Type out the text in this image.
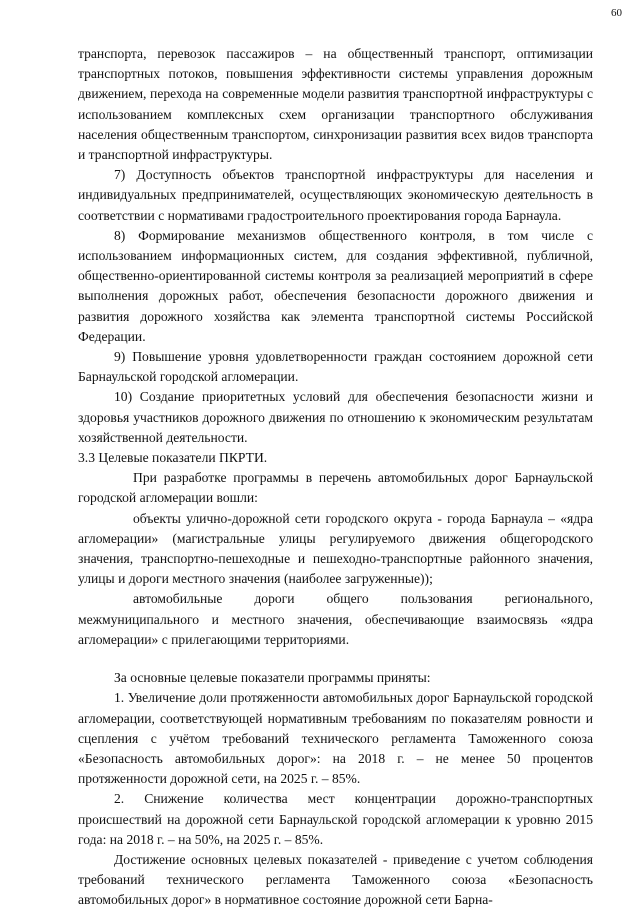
60

транспорта, перевозок пассажиров – на общественный транспорт, оптимизации транспортных потоков, повышения эффективности системы управления дорожным движением, перехода на современные модели развития транспортной инфраструктуры с использованием комплексных схем организации транспортного обслуживания населения общественным транспортом, синхронизации развития всех видов транспорта и транспортной инфраструктуры.

7) Доступность объектов транспортной инфраструктуры для населения и индивидуальных предпринимателей, осуществляющих экономическую деятельность в соответствии с нормативами градостроительного проектирования города Барнаула.

8) Формирование механизмов общественного контроля, в том числе с использованием информационных систем, для создания эффективной, публичной, общественно-ориентированной системы контроля за реализацией мероприятий в сфере выполнения дорожных работ, обеспечения безопасности дорожного движения и развития дорожного хозяйства как элемента транспортной системы Российской Федерации.

9) Повышение уровня удовлетворенности граждан состоянием дорожной сети Барнаульской городской агломерации.

10) Создание приоритетных условий для обеспечения безопасности жизни и здоровья участников дорожного движения по отношению к экономическим результатам хозяйственной деятельности.

3.3 Целевые показатели ПКРТИ.

При разработке программы в перечень автомобильных дорог Барнаульской городской агломерации вошли:

объекты улично-дорожной сети городского округа - города Барнаула – «ядра агломерации» (магистральные улицы регулируемого движения общегородского значения, транспортно-пешеходные и пешеходно-транспортные районного значения, улицы и дороги местного значения (наиболее загруженные));

автомобильные дороги общего пользования регионального, межмуниципального и местного значения, обеспечивающие взаимосвязь «ядра агломерации» с прилегающими территориями.

За основные целевые показатели программы приняты:

1. Увеличение доли протяженности автомобильных дорог Барнаульской городской агломерации, соответствующей нормативным требованиям по показателям ровности и сцепления с учётом требований технического регламента Таможенного союза «Безопасность автомобильных дорог»: на 2018 г. – не менее 50 процентов протяженности дорожной сети, на 2025 г. – 85%.

2. Снижение количества мест концентрации дорожно-транспортных происшествий на дорожной сети Барнаульской городской агломерации к уровню 2015 года: на 2018 г. – на 50%, на 2025 г. – 85%.

Достижение основных целевых показателей - приведение с учетом соблюдения требований технического регламента Таможенного союза «Безопасность автомобильных дорог» в нормативное состояние дорожной сети Барна-
